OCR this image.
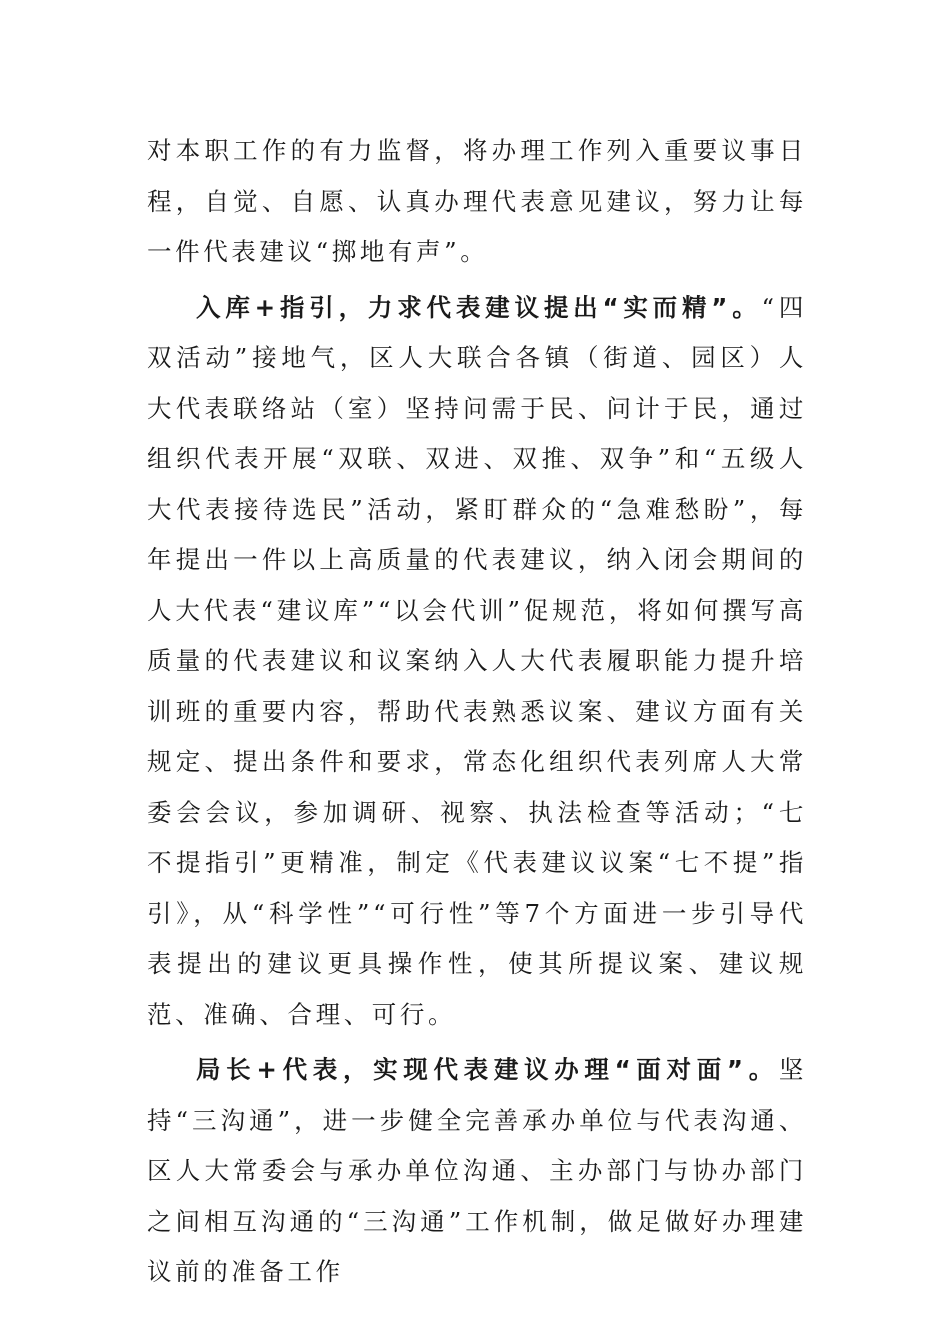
对本职工作的有力监督，将办理工作列入重要议事日程，自觉、自愿、认真办理代表意见建议，努力让每一件代表建议“掷地有声”。

入库+指引，力求代表建议提出“实而精”。“四双活动”接地气，区人大联合各镇（街道、园区）人大代表联络站（室）坚持问需于民、问计于民，通过组织代表开展“双联、双进、双推、双争”和“五级人大代表接待选民”活动，紧盯群众的“急难愁盼”，每年提出一件以上高质量的代表建议，纳入闭会期间的人大代表“建议库”“以会代训”促规范，将如何撰写高质量的代表建议和议案纳入人大代表履职能力提升培训班的重要内容，帮助代表熟悉议案、建议方面有关规定、提出条件和要求，常态化组织代表列席人大常委会会议，参加调研、视察、执法检查等活动；“七不提指引”更精准，制定《代表建议议案“七不提”指引》，从“科学性”“可行性”等7个方面进一步引导代表提出的建议更具操作性，使其所提议案、建议规范、准确、合理、可行。

局长+代表，实现代表建议办理“面对面”。坚持“三沟通”，进一步健全完善承办单位与代表沟通、区人大常委会与承办单位沟通、主办部门与协办部门之间相互沟通的“三沟通”工作机制，做足做好办理建议前的准备工作
